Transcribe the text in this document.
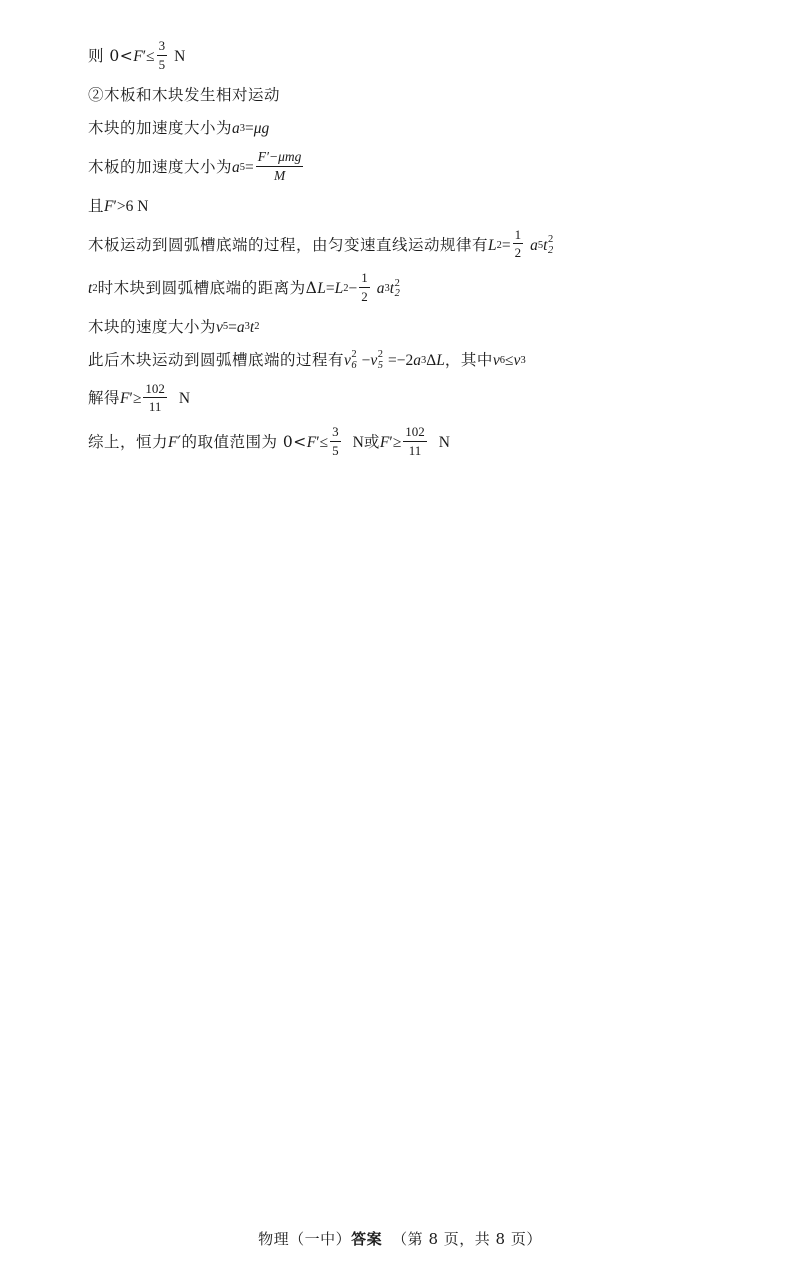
则 0< F ′≤ $\frac{3}{5}$ N
②木板和木块发生相对运动
木块的加速度大小为 a 3 = μg
木板的加速度大小为 a $5 = \frac{\text{F′−μmg}}{M}$
且 F ′>6 N
木板运动到圆弧槽底端的过程，由匀变速直线运动规律有 L $2 = \frac{1}{2}$ a 5 t 2
2
t 2 时木块到圆弧槽底端的距离为Δ L = L $2 - \frac{1}{2}$ a 3 t 2
2
木块的速度大小为 v 5 = a 3 t 2
此后木块运动到圆弧槽底端的过程有 v 2
6 − v 2
5 =−2 a 3 Δ L ，其中 v 6 ≤ v 3
解得 F ′≥ $\frac{102}{11}$ N
综上，恒力 F ′的取值范围为 0< F ′≤ $\frac{3}{5}$ N 或 F ′≥ $\frac{102}{11}$ N
物理（一中）答案 （第 8 页，共 8 页）
